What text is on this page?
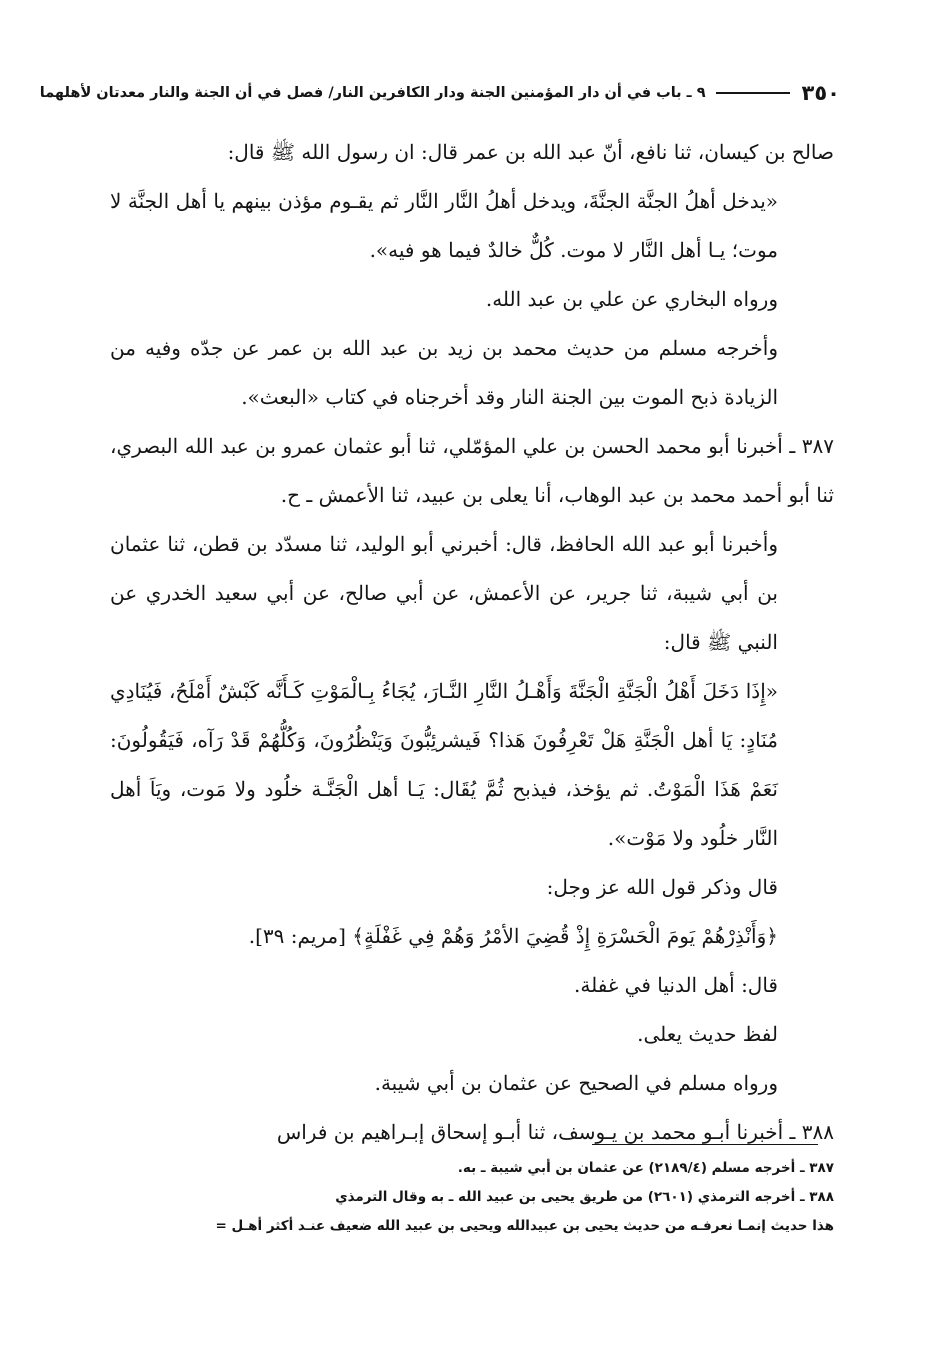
٣٥٠
٩ ـ باب في أن دار المؤمنين الجنة ودار الكافرين النار/ فصل في أن الجنة والنار معدتان لأهلهما

صالح بن كيسان، ثنا نافع، أنّ عبد الله بن عمر قال: ان رسول الله ﷺ قال:

«يدخل أهلُ الجنَّة الجنَّةَ، ويدخل أهلُ النَّار النَّار ثم يقـوم مؤذن بينهم يا أهل الجنَّة لا موت؛ يـا أهل النَّار لا موت. كُلٌّ خالدٌ فيما هو فيه».

ورواه البخاري عن علي بن عبد الله.

وأخرجه مسلم من حديث محمد بن زيد بن عبد الله بن عمر عن جدّه وفيه من الزيادة ذبح الموت بين الجنة النار وقد أخرجناه في كتاب «البعث».

٣٨٧ ـ أخبرنا أبو محمد الحسن بن علي المؤمّلي، ثنا أبو عثمان عمرو بن عبد الله البصري، ثنا أبو أحمد محمد بن عبد الوهاب، أنا يعلى بن عبيد، ثنا الأعمش ـ ح.

وأخبرنا أبو عبد الله الحافظ، قال: أخبرني أبو الوليد، ثنا مسدّد بن قطن، ثنا عثمان بن أبي شيبة، ثنا جرير، عن الأعمش، عن أبي صالح، عن أبي سعيد الخدري عن النبي ﷺ قال:

«إِذَا دَخَلَ أَهْلُ الْجَنَّةِ الْجَنَّةَ وَأَهْـلُ النَّارِ النَّـارَ، يُجَاءُ بِـالْمَوْتِ كَـأَنَّه كَبْشٌ أَمْلَحُ، فَيُنَادِي مُنَادٍ: يَا أهل الْجَنَّةِ هَلْ تَعْرِفُونَ هَذا؟ فَيشرئِبُّونَ وَيَنْظُرُونَ، وَكُلُّهُمْ قَدْ رَآه، فَيَقُولُونَ: نَعَمْ هَذَا الْمَوْتُ. ثم يؤخذ، فيذبح ثُمَّ يُقَال: يَـا أهل الْجَنَّـة خلُود ولا مَوت، ويَاَ أهل النَّار خلُود ولا مَوْت».

قال وذكر قول الله عز وجل:

﴿وَأَنْذِرْهُمْ يَومَ الْحَسْرَةِ إِذْ قُضِيَ الأمْرُ وَهُمْ فِي غَفْلَةٍ﴾ [مريم: ٣٩].

قال: أهل الدنيا في غفلة.

لفظ حديث يعلى.

ورواه مسلم في الصحيح عن عثمان بن أبي شيبة.

٣٨٨ ـ أخبرنا أبـو محمد بن يـوسف، ثنا أبـو إسحاق إبـراهيم بن فراس

٣٨٧ ـ أخرجه مسلم (٢١٨٩/٤) عن عثمان بن أبي شيبة ـ به.

٣٨٨ ـ أخرجه الترمذي (٢٦٠١) من طريق يحيى بن عبيد الله ـ به وقال الترمذي

هذا حديث إنمـا نعرفـه من حديث يحيى بن عبيدالله ويحيى بن عبيد الله ضعيف عنـد أكثر أهـل =
